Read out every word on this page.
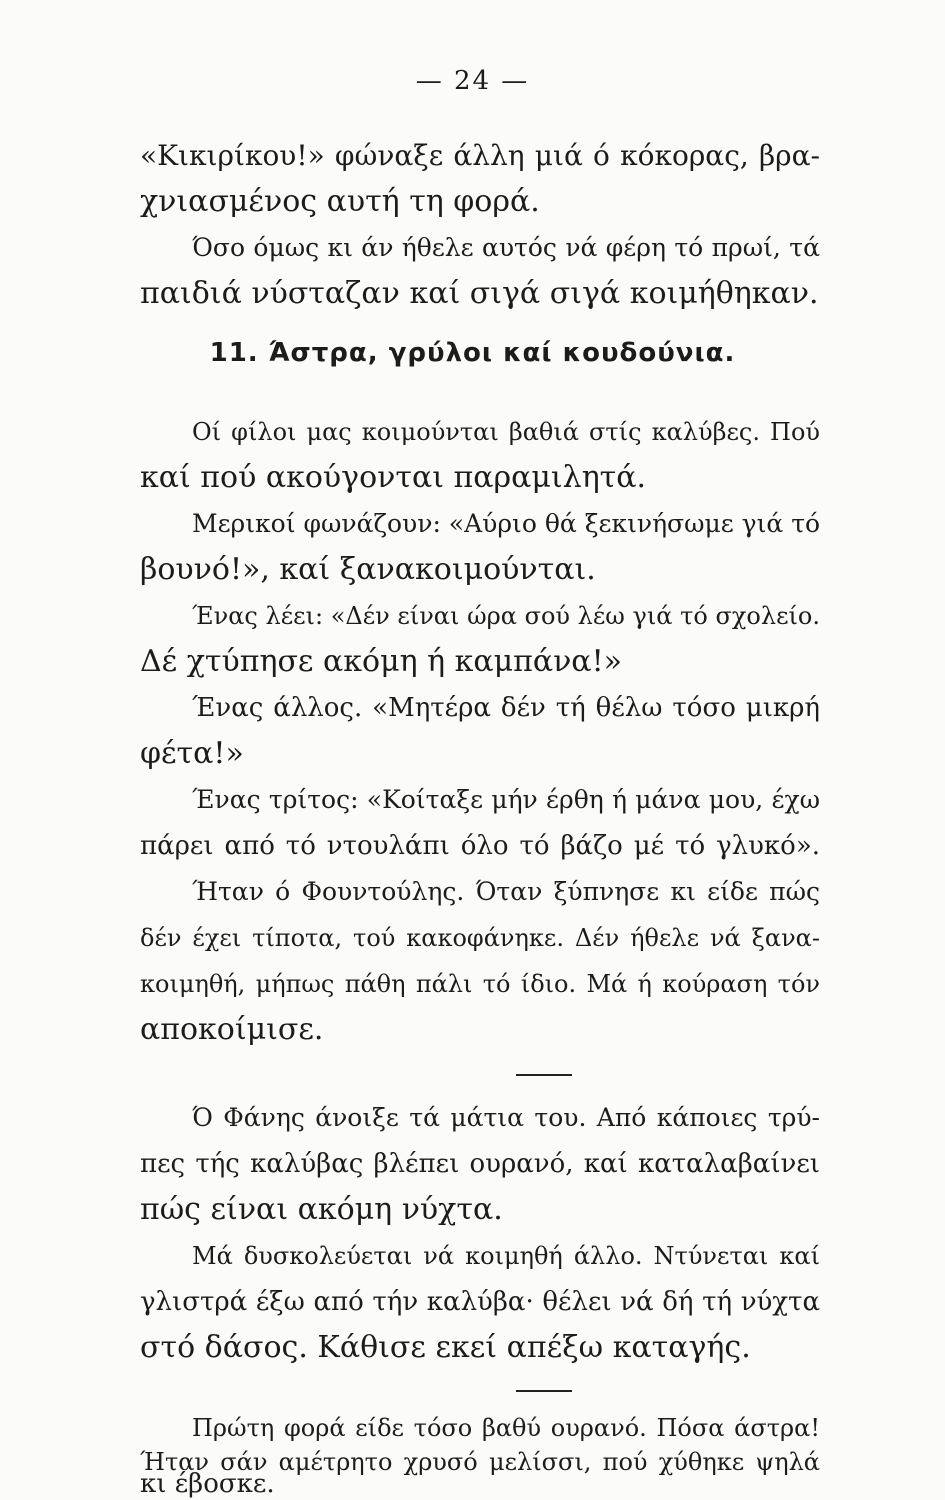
— 24 —
«Κικιρίκου!» φώναξε άλλη μιά ό κόκορας, βρα-
χνιασμένος αυτή τη φορά.
Όσο όμως κι άν ήθελε αυτός νά φέρη τό πρωί, τά
παιδιά νύσταζαν καί σιγά σιγά κοιμήθηκαν.
11. Άστρα, γρύλοι καί κουδούνια.
Οί φίλοι μας κοιμούνται βαθιά στίς καλύβες. Πού
καί πού ακούγονται παραμιλητά.
Μερικοί φωνάζουν: «Αύριο θά ξεκινήσωμε γιά τό
βουνό!», καί ξανακοιμούνται.
Ένας λέει: «Δέν είναι ώρα σού λέω γιά τό σχολείο.
Δέ χτύπησε ακόμη ή καμπάνα!»
Ένας άλλος. «Μητέρα δέν τή θέλω τόσο μικρή
φέτα!»
Ένας τρίτος: «Κοίταξε μήν έρθη ή μάνα μου, έχω
πάρει από τό ντουλάπι όλο τό βάζο μέ τό γλυκό».
Ήταν ό Φουντούλης. Όταν ξύπνησε κι είδε πώς
δέν έχει τίποτα, τού κακοφάνηκε. Δέν ήθελε νά ξανα-
κοιμηθή, μήπως πάθη πάλι τό ίδιο. Μά ή κούραση τόν
αποκοίμισε.
Ό Φάνης άνοιξε τά μάτια του. Από κάποιες τρύ-
πες τής καλύβας βλέπει ουρανό, καί καταλαβαίνει
πώς είναι ακόμη νύχτα.
Μά δυσκολεύεται νά κοιμηθή άλλο. Ντύνεται καί
γλιστρά έξω από τήν καλύβα· θέλει νά δή τή νύχτα
στό δάσος. Κάθισε εκεί απέξω καταγής.
Πρώτη φορά είδε τόσο βαθύ ουρανό. Πόσα άστρα!
Ήταν σάν αμέτρητο χρυσό μελίσσι, πού χύθηκε ψηλά
κι έβοσκε.
